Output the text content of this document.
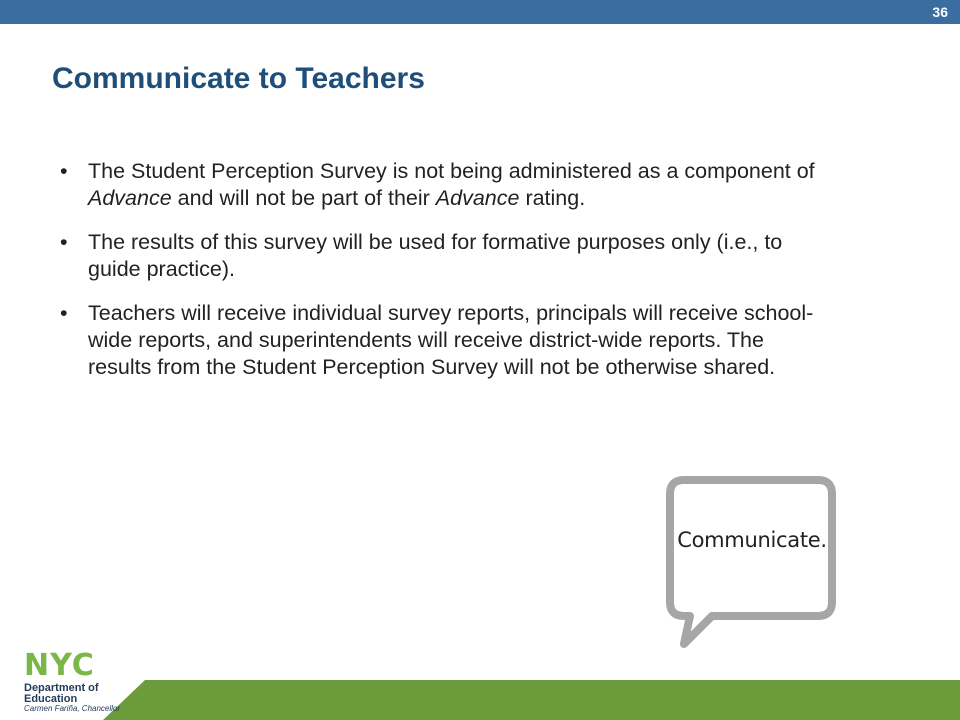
36
Communicate to Teachers
• The Student Perception Survey is not being administered as a component of Advance and will not be part of their Advance rating.
• The results of this survey will be used for formative purposes only (i.e., to guide practice).
• Teachers will receive individual survey reports, principals will receive school-wide reports, and superintendents will receive district-wide reports. The results from the Student Perception Survey will not be otherwise shared.
Communicate.
NYC
Department of
Education
Carmen Fariña, Chancellor
